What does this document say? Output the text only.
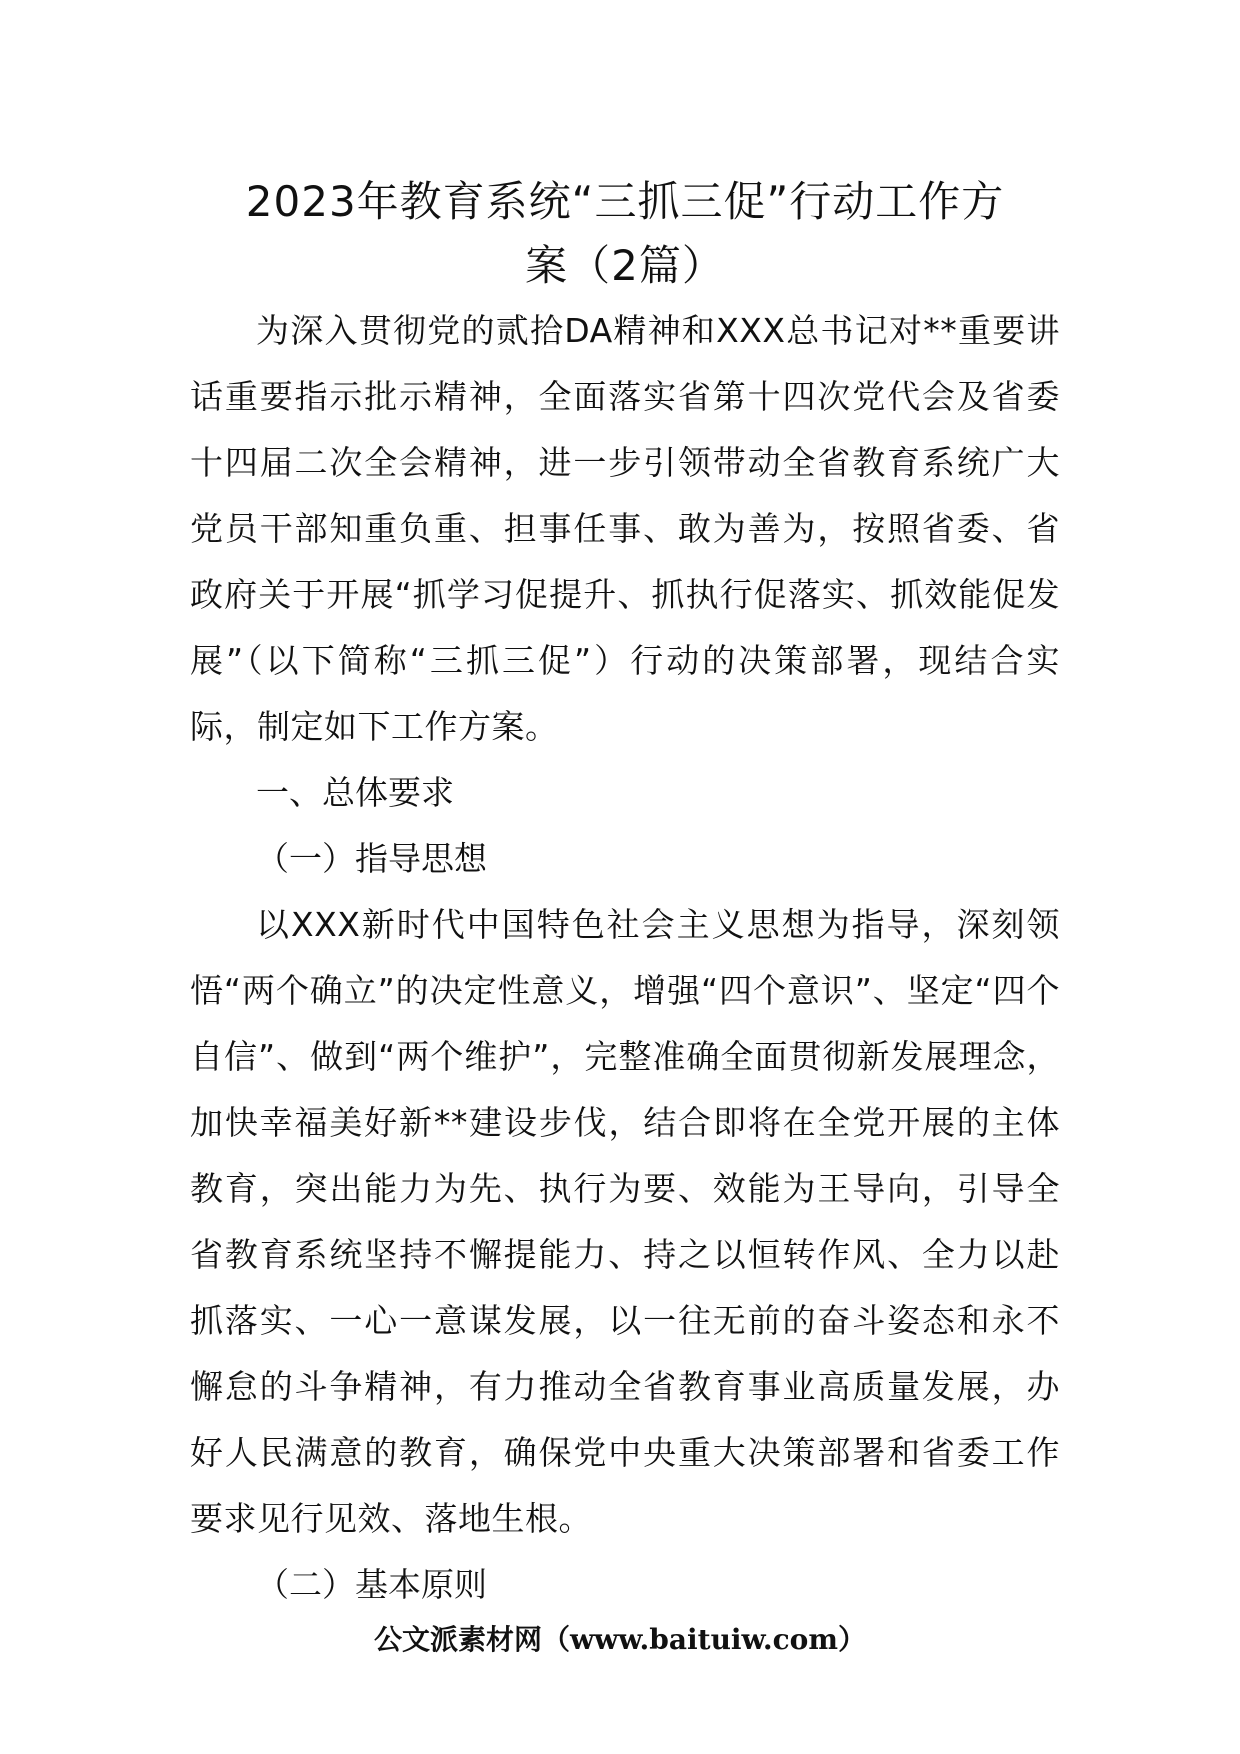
2023年教育系统“三抓三促”行动工作方
案（2篇）

为深入贯彻党的贰拾DA精神和XXX总书记对**重要讲话重要指示批示精神，全面落实省第十四次党代会及省委十四届二次全会精神，进一步引领带动全省教育系统广大党员干部知重负重、担事任事、敢为善为，按照省委、省政府关于开展“抓学习促提升、抓执行促落实、抓效能促发展”（以下简称“三抓三促”）行动的决策部署，现结合实际，制定如下工作方案。

一、总体要求

（一）指导思想

以XXX新时代中国特色社会主义思想为指导，深刻领悟“两个确立”的决定性意义，增强“四个意识”、坚定“四个自信”、做到“两个维护”，完整准确全面贯彻新发展理念，加快幸福美好新**建设步伐，结合即将在全党开展的主体教育，突出能力为先、执行为要、效能为王导向，引导全省教育系统坚持不懈提能力、持之以恒转作风、全力以赴抓落实、一心一意谋发展，以一往无前的奋斗姿态和永不懈怠的斗争精神，有力推动全省教育事业高质量发展，办好人民满意的教育，确保党中央重大决策部署和省委工作要求见行见效、落地生根。

（二）基本原则

公文派素材网（www.baituiw.com）
